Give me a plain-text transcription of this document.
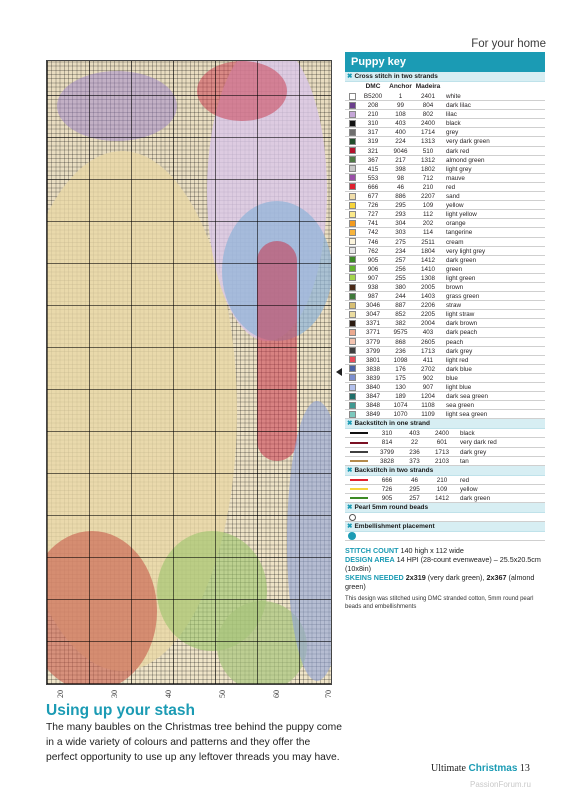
For your home
20	30	40	50	60	70
Using up your stash
The many baubles on the Christmas tree behind the puppy come in a wide variety of colours and patterns and they offer the perfect opportunity to use up any leftover threads you may have.
Puppy key
✖ Cross stitch in two strands
DMC	Anchor Madeira
B5200	1	2401	white
208	99	804	dark lilac
210	108	802	lilac
310	403	2400	black
317	400	1714	grey
319	224	1313	very dark green
321	9046	510	dark red
367	217	1312	almond green
415	398	1802	light grey
553	98	712	mauve
666	46	210	red
677	886	2207	sand
726	295	109	yellow
727	293	112	light yellow
741	304	202	orange
742	303	114	tangerine
746	275	2511	cream
762	234	1804	very light grey
905	257	1412	dark green
906	256	1410	green
907	255	1308	light green
938	380	2005	brown
987	244	1403	grass green
3046	887	2206	straw
3047	852	2205	light straw
3371	382	2004	dark brown
3771	9575	403	dark peach
3779	868	2605	peach
3799	236	1713	dark grey
3801	1098	411	light red
3838	176	2702	dark blue
3839	175	902	blue
3840	130	907	light blue
3847	189	1204	dark sea green
3848	1074	1108	sea green
3849	1070	1109	light sea green
✖ Backstitch in one strand
310	403	2400	black
814	22	601	very dark red
3799	236	1713	dark grey
3828	373	2103	tan
✖ Backstitch in two strands
666	46	210	red
726	295	109	yellow
905	257	1412	dark green
✖ Pearl 5mm round beads
✖ Embellishment placement
STITCH COUNT 140 high x 112 wide
DESIGN AREA 14 HPI (28-count evenweave) – 25.5x20.5cm (10x8in)
SKEINS NEEDED 2x319 (very dark green), 2x367 (almond green)
This design was stitched using DMC stranded cotton, 5mm round pearl beads and embellishments
Ultimate Christmas 13
PassionForum.ru
